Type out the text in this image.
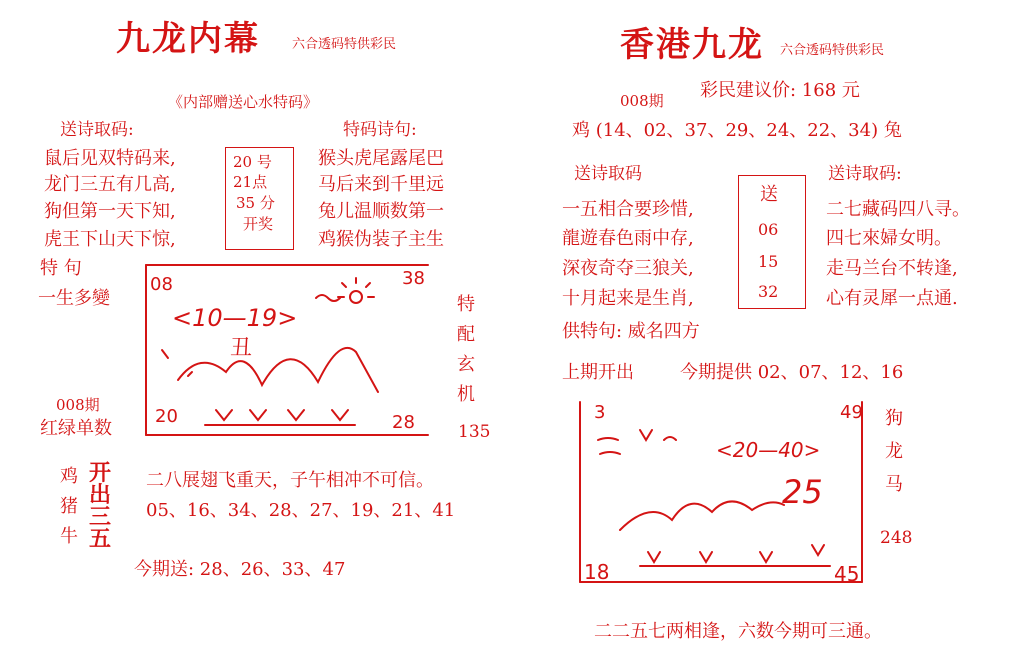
九龙内幕 六合透码特供彩民
《内部赠送心水特码》
送诗取码:
鼠后见双特码来,
龙门三五有几高,
狗但第一天下知,
虎王下山天下惊,
20 号
21点
35 分
开奖
特码诗句:
猴头虎尾露尾巴
马后来到千里远
兔儿温顺数第一
鸡猴伪装子主生
特 句
一生多變
008期
红绿单数
特
配
玄
机
135
08	38
<10—19>
丑
20	28
鸡
猪
牛
开
出
三
五
二八展翅飞重天，子午相冲不可信。
05、16、34、28、27、19、21、41
今期送: 28、26、33、47
香港九龙 六合透码特供彩民
008期 彩民建议价: 168 元
鸡 (14、02、37、29、24、22、34) 兔
送诗取码
一五相合要珍惜,
龍遊春色雨中存,
深夜奇夺三狼关,
十月起来是生肖,
送
06
15
32
送诗取码:
二七藏码四八寻。
四七來婦女明。
走马兰台不转逢,
心有灵犀一点通.
供特句: 威名四方
上期开出	今期提供 02、07、12、16
狗
龙
马
248
3	49
<20—40>
25
18	45
二二五七两相逢，六数今期可三通。
